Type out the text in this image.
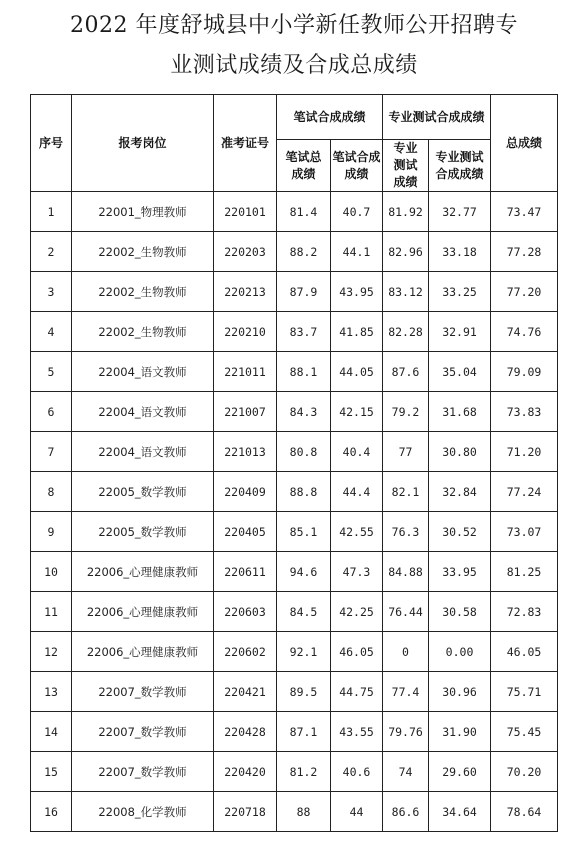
2022 年度舒城县中小学新任教师公开招聘专
业测试成绩及合成总成绩
序号	报考岗位	准考证号	笔试合成成绩		专业测试合成成绩		总成绩

			笔试总成绩	笔试合成成绩	专业测试成绩	专业测试合成成绩	

1	22001_物理教师	220101	81.4	40.7	81.92	32.77	73.47
2	22002_生物教师	220203	88.2	44.1	82.96	33.18	77.28
3	22002_生物教师	220213	87.9	43.95	83.12	33.25	77.20
4	22002_生物教师	220210	83.7	41.85	82.28	32.91	74.76
5	22004_语文教师	221011	88.1	44.05	87.6	35.04	79.09
6	22004_语文教师	221007	84.3	42.15	79.2	31.68	73.83
7	22004_语文教师	221013	80.8	40.4	77	30.80	71.20
8	22005_数学教师	220409	88.8	44.4	82.1	32.84	77.24
9	22005_数学教师	220405	85.1	42.55	76.3	30.52	73.07
10	22006_心理健康教师	220611	94.6	47.3	84.88	33.95	81.25
11	22006_心理健康教师	220603	84.5	42.25	76.44	30.58	72.83
12	22006_心理健康教师	220602	92.1	46.05	0	0.00	46.05
13	22007_数学教师	220421	89.5	44.75	77.4	30.96	75.71
14	22007_数学教师	220428	87.1	43.55	79.76	31.90	75.45
15	22007_数学教师	220420	81.2	40.6	74	29.60	70.20
16	22008_化学教师	220718	88	44	86.6	34.64	78.64
